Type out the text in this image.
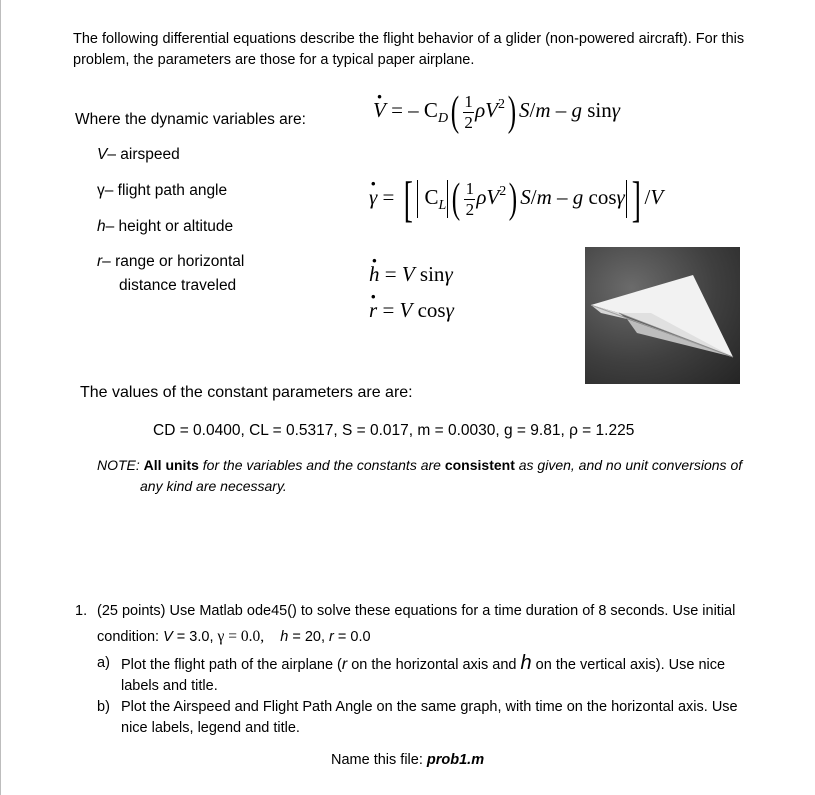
The following differential equations describe the flight behavior of a glider (non-powered aircraft). For this
problem, the parameters are those for a typical paper airplane.
Where the dynamic variables are:
V– airspeed
γ– flight path angle
h– height or altitude
r– range or horizontal
distance traveled
V · = – $C_D( \frac{1}{2} \rho V^2)$ S/m – g sinγ
γ · = [ $C_L$ ( $\frac{1}{2} \rho V^2$) S/m – g cosγ ] /V
h · = V sinγ
r · = V cosγ
The values of the constant parameters are are:
CD = 0.0400, CL = 0.5317, S = 0.017, m = 0.0030, g = 9.81, ρ = 1.225
NOTE: All units for the variables and the constants are consistent as given, and no unit conversions of
any kind are necessary.
1. (25 points) Use Matlab ode45() to solve these equations for a time duration of 8 seconds. Use initial
condition: V = 3.0, γ = 0.0, h = 20, r = 0.0
a) Plot the flight path of the airplane (r on the horizontal axis and h on the vertical axis). Use nice
labels and title.
b) Plot the Airspeed and Flight Path Angle on the same graph, with time on the horizontal axis. Use
nice labels, legend and title.
Name this file: prob1.m
